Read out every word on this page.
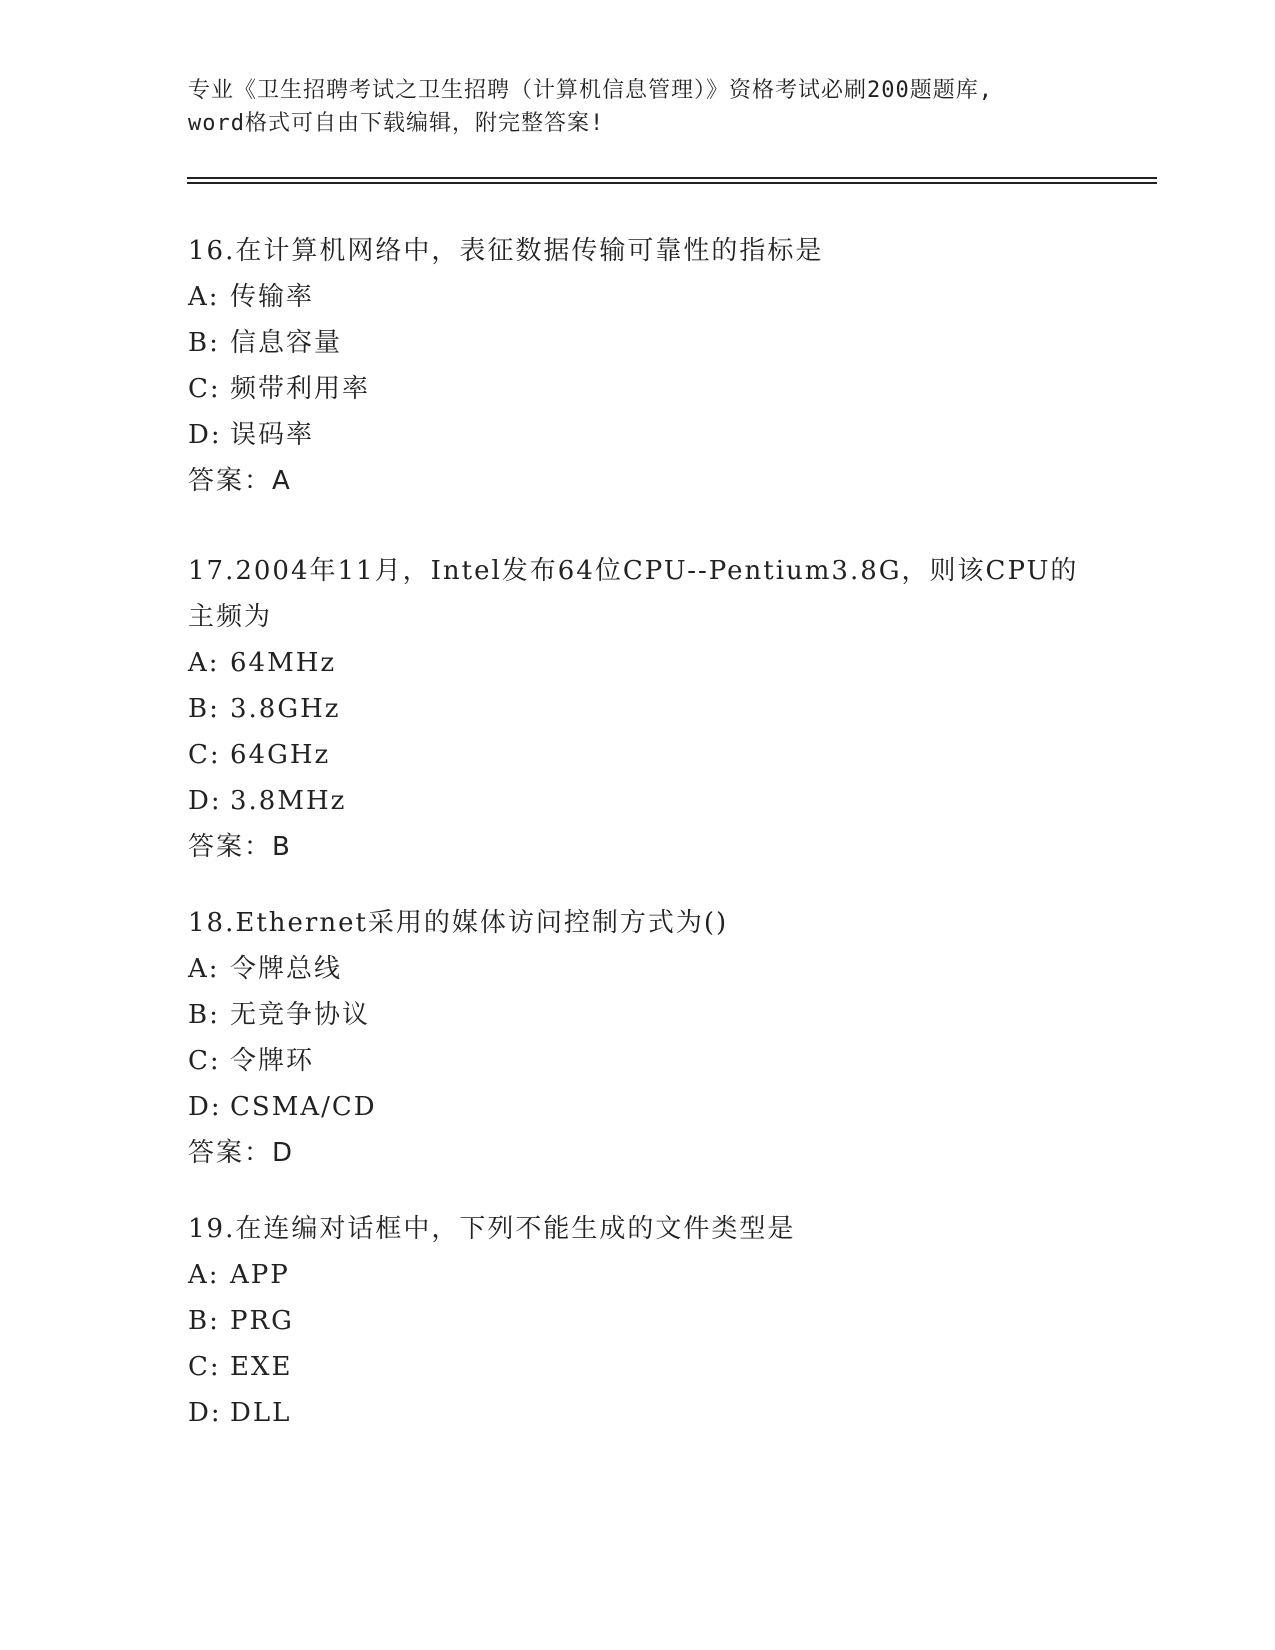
专业《卫生招聘考试之卫生招聘（计算机信息管理）》资格考试必刷200题题库,
word格式可自由下载编辑，附完整答案!

16.在计算机网络中，表征数据传输可靠性的指标是

A: 传输率

B: 信息容量

C: 频带利用率

D: 误码率

答案：A

17.2004年11月，Intel发布64位CPU--Pentium3.8G，则该CPU的主频为

A: 64MHz

B: 3.8GHz

C: 64GHz

D: 3.8MHz

答案：B

18.Ethernet采用的媒体访问控制方式为()

A: 令牌总线

B: 无竞争协议

C: 令牌环

D: CSMA/CD

答案：D

19.在连编对话框中，下列不能生成的文件类型是

A: APP

B: PRG

C: EXE

D: DLL
